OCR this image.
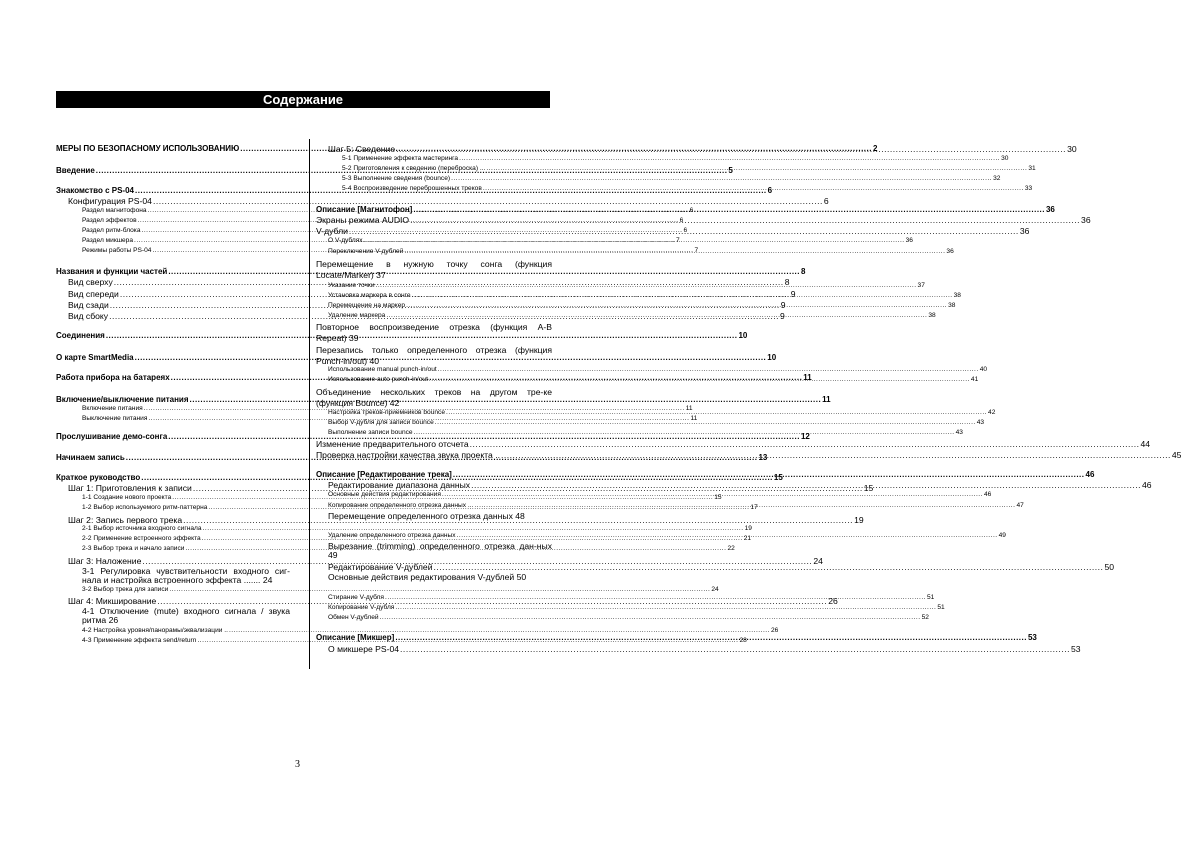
Содержание
МЕРЫ ПО БЕЗОПАСНОМУ ИСПОЛЬЗОВАНИЮ .....	2
Введение .....	5
Знакомство с PS-04 .....	6
Конфигурация PS-04 .....	6
Раздел магнитофона .....	6
Раздел эффектов .....	6
Раздел ритм-блока .....	6
Раздел микшера .....	7
Режимы работы PS-04 .....	7
Названия и функции частей .....	8
Вид сверху .....	8
Вид спереди .....	9
Вид сзади .....	9
Вид сбоку .....	9
Соединения .....	10
О карте SmartMedia .....	10
Работа прибора на батареях .....	11
Включение/выключение питания .....	11
Включение питания .....	11
Выключение питания .....	11
Прослушивание демо-сонга .....	12
Начинаем запись .....	13
Краткое руководство .....	15
Шаг 1: Приготовления к записи .....	15
1-1 Создание нового проекта .....	15
1-2 Выбор используемого ритм-паттерна .....	17
Шаг 2: Запись первого трека .....	19
2-1 Выбор источника входного сигнала .....	19
2-2 Применение встроенного эффекта .....	21
2-3 Выбор трека и начало записи .....	22
Шаг 3: Наложение .....	24
3-1 Регулировка чувствительности входного сиг-нала и настройка встроенного эффекта ....... 24
3-2 Выбор трека для записи .....	24
Шаг 4: Микширование .....	26
4-1 Отключение (mute) входного сигнала / звука ритма 26
4-2 Настройка уровня/панорамы/эквализации .. .....	26
4-3 Применение эффекта send/return .....	28
Шаг 5: Сведение .....	30
5-1 Применение эффекта мастеринга .....	30
5-2 Приготовления к сведению (переброска) ... .....	31
5-3 Выполнение сведения (bounce) .....	32
5-4 Воспроизведение переброшенных треков .....	33
Описание [Магнитофон] .....	36
Экраны режима AUDIO .....	36
V-дубли .....	36
О V-дублях .....	36
Переключение V-дублей .....	36
Перемещение в нужную точку сонга (функция Locate/Marker) 37
Указание точки .....	37
Установка маркера в сонге .....	38
Перемещение на маркер .....	38
Удаление маркера .....	38
Повторное воспроизведение отрезка (функция A-B Repeat) 39
Перезапись только определенного отрезка (функция Punch-in/out) 40
Использование manual punch-in/out .....	40
Использование auto punch-in/out .....	41
Объединение нескольких треков на другом тре-ке (функция Bounce) 42
Настройка треков-приемников bounce .....	42
Выбор V-дубля для записи bounce .....	43
Выполнение записи bounce .....	43
Изменение предварительного отсчета .....	44
Проверка настройки качества звука проекта .. .....	45
Описание [Редактирование трека] .....	46
Редактирование диапазона данных .....	46
Основные действия редактирования .....	46
Копирование определенного отрезка данных ... .....	47
Перемещение определенного отрезка данных 48
Удаление определенного отрезка данных .....	49
Вырезание (trimming) определенного отрезка дан-ных 49
Редактирование V-дублей .....	50
Основные действия редактирования V-дублей 50
Стирание V-дубля .....	51
Копирование V-дубля .....	51
Обмен V-дублей .....	52
Описание [Микшер] .....	53
О микшере PS-04 .....	53
3
